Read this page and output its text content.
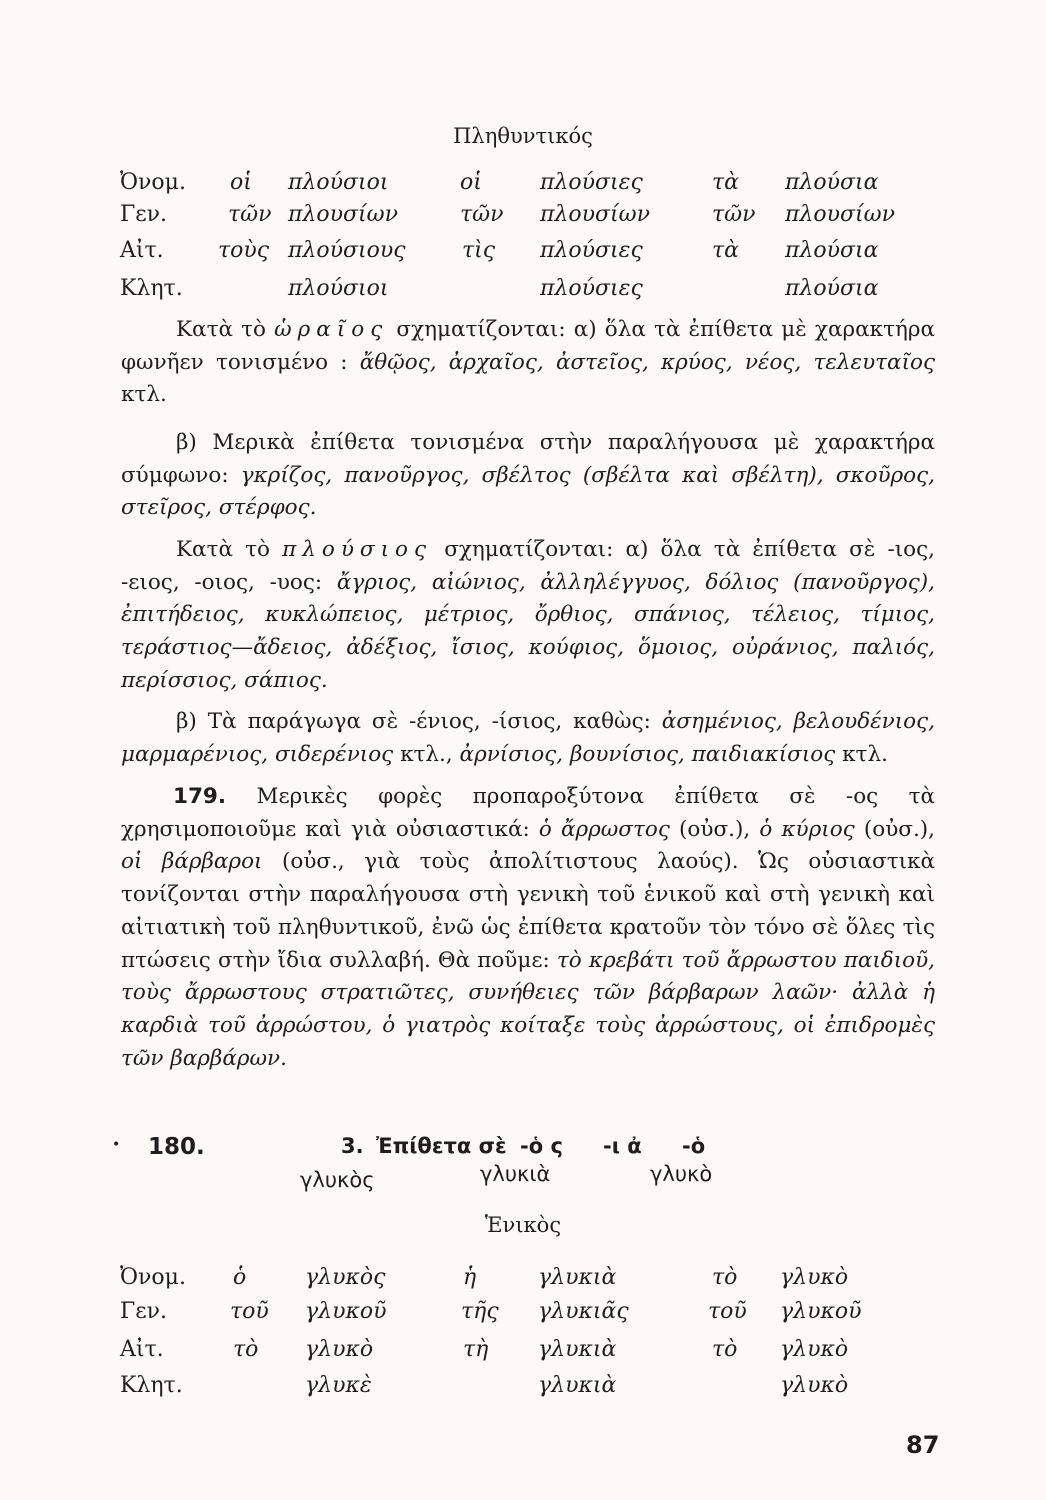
Πληθυντικός
Ὀνομ. οἱ πλούσιοι	οἱ	πλούσιες	τὰ πλούσια
Γεν.	τῶν πλουσίων	τῶν πλουσίων	τῶν πλουσίων
Αἰτ. τοὺς πλούσιους	τὶς πλούσιες	τὰ πλούσια
Κλητ.	πλούσιοι	πλούσιες	πλούσια
Κατὰ τὸ ὡραῖος σχηματίζονται: α) ὅλα τὰ ἐπίθετα μὲ χαρακτήρα φωνῆεν τονισμένο : ἄθῷος, ἀρχαῖος, ἀστεῖος, κρύος, νέος, τελευταῖος κτλ.
β) Μερικὰ ἐπίθετα τονισμένα στὴν παραλήγουσα μὲ χαρακτήρα σύμφωνο: γκρίζος, πανοῦργος, σβέλτος (σβέλτα καὶ σβέλτη), σκοῦρος, στεῖρος, στέρφος.
Κατὰ τὸ πλούσιος σχηματίζονται: α) ὅλα τὰ ἐπίθετα σὲ -ιος, -ειος, -οιος, -υος: ἄγριος, αἰώνιος, ἀλληλέγγυος, δόλιος (πανοῦργος), ἐπιτήδειος, κυκλώπειος, μέτριος, ὄρθιος, σπάνιος, τέλειος, τίμιος, τεράστιος—ἄδειος, ἀδέξιος, ἴσιος, κούφιος, ὅμοιος, οὐράνιος, παλιός, περίσσιος, σάπιος.
β) Τὰ παράγωγα σὲ -ένιος, -ίσιος, καθὼς: ἀσημένιος, βελουδένιος, μαρμαρένιος, σιδερένιος κτλ., ἀρνίσιος, βουνίσιος, παιδιακίσιος κτλ.
179. Μερικὲς φορὲς προπαροξύτονα ἐπίθετα σὲ -ος τὰ χρησιμοποιοῦμε καὶ γιὰ οὐσιαστικά: ὁ ἄρρωστος (οὐσ.), ὁ κύριος (οὐσ.), οἱ βάρβαροι (οὐσ., γιὰ τοὺς ἀπολίτιστους λαούς). Ὡς οὐσιαστικὰ τονίζονται στὴν παραλήγουσα στὴ γενικὴ τοῦ ἑνικοῦ καὶ στὴ γενικὴ καὶ αἰτιατικὴ τοῦ πληθυντικοῦ, ἐνῶ ὡς ἐπίθετα κρατοῦν τὸν τόνο σὲ ὅλες τὶς πτώσεις στὴν ἴδια συλλαβή. Θὰ ποῦμε: τὸ κρεβάτι τοῦ ἄρρωστου παιδιοῦ, τοὺς ἄρρωστους στρατιῶτες, συνήθειες τῶν βάρβαρων λαῶν· ἀλλὰ ἡ καρδιὰ τοῦ ἀρρώστου, ὁ γιατρὸς κοίταξε τοὺς ἀρρώστους, οἱ ἐπιδρομὲς τῶν βαρβάρων.
• 180.	3. Ἐπίθετα σὲ -ὁ ς -ι ἀ -ὁ
γλυκὸς	γλυκιὰ	γλυκὸ
Ἑνικὸς
Ὀνομ. ὁ	γλυκὸς	ἡ	γλυκιὰ	τὸ γλυκὸ
Γεν.	τοῦ γλυκοῦ	τῆς γλυκιᾶς	τοῦ γλυκοῦ
Αἰτ.	τὸ γλυκὸ	τὴ γλυκιὰ	τὸ γλυκὸ
Κλητ.	γλυκὲ	γλυκιὰ	γλυκὸ
87
